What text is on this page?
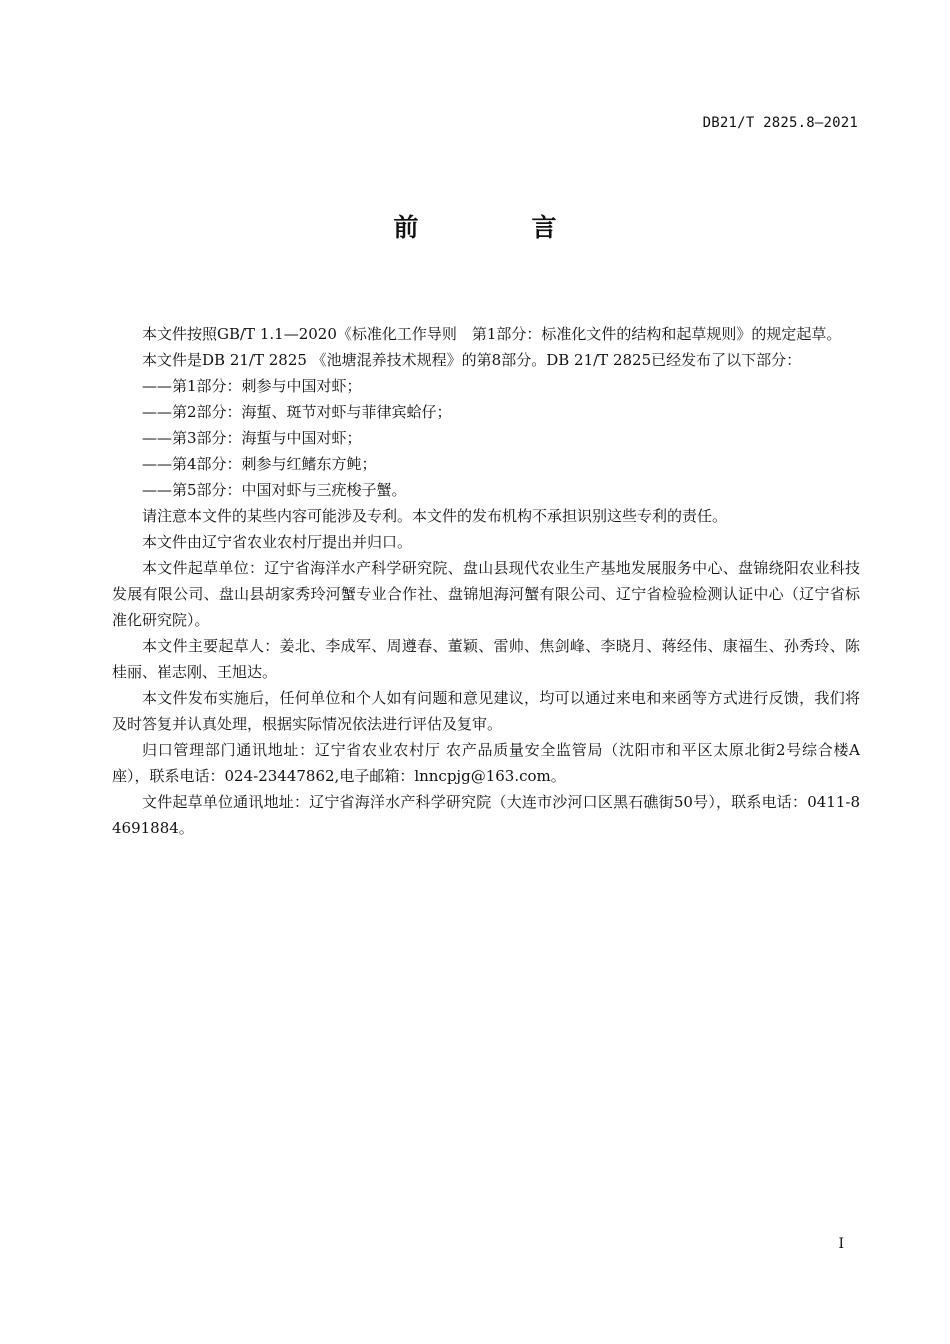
DB21/T 2825.8—2021
前　言

本文件按照GB/T 1.1—2020《标准化工作导则　第1部分：标准化文件的结构和起草规则》的规定起草。

本文件是DB 21/T 2825 《池塘混养技术规程》的第8部分。DB 21/T 2825已经发布了以下部分：

——第1部分：刺参与中国对虾；

——第2部分：海蜇、斑节对虾与菲律宾蛤仔；

——第3部分：海蜇与中国对虾；

——第4部分：刺参与红鳍东方鲀；

——第5部分：中国对虾与三疣梭子蟹。

请注意本文件的某些内容可能涉及专利。本文件的发布机构不承担识别这些专利的责任。

本文件由辽宁省农业农村厅提出并归口。

本文件起草单位：辽宁省海洋水产科学研究院、盘山县现代农业生产基地发展服务中心、盘锦绕阳农业科技发展有限公司、盘山县胡家秀玲河蟹专业合作社、盘锦旭海河蟹有限公司、辽宁省检验检测认证中心（辽宁省标准化研究院）。

本文件主要起草人：姜北、李成军、周遵春、董颖、雷帅、焦剑峰、李晓月、蒋经伟、康福生、孙秀玲、陈桂丽、崔志刚、王旭达。

本文件发布实施后，任何单位和个人如有问题和意见建议，均可以通过来电和来函等方式进行反馈，我们将及时答复并认真处理，根据实际情况依法进行评估及复审。

归口管理部门通讯地址：辽宁省农业农村厅 农产品质量安全监管局（沈阳市和平区太原北街2号综合楼A座），联系电话：024-23447862,电子邮箱：lnncpjg@163.com。

文件起草单位通讯地址：辽宁省海洋水产科学研究院（大连市沙河口区黑石礁街50号），联系电话：0411-84691884。

I
